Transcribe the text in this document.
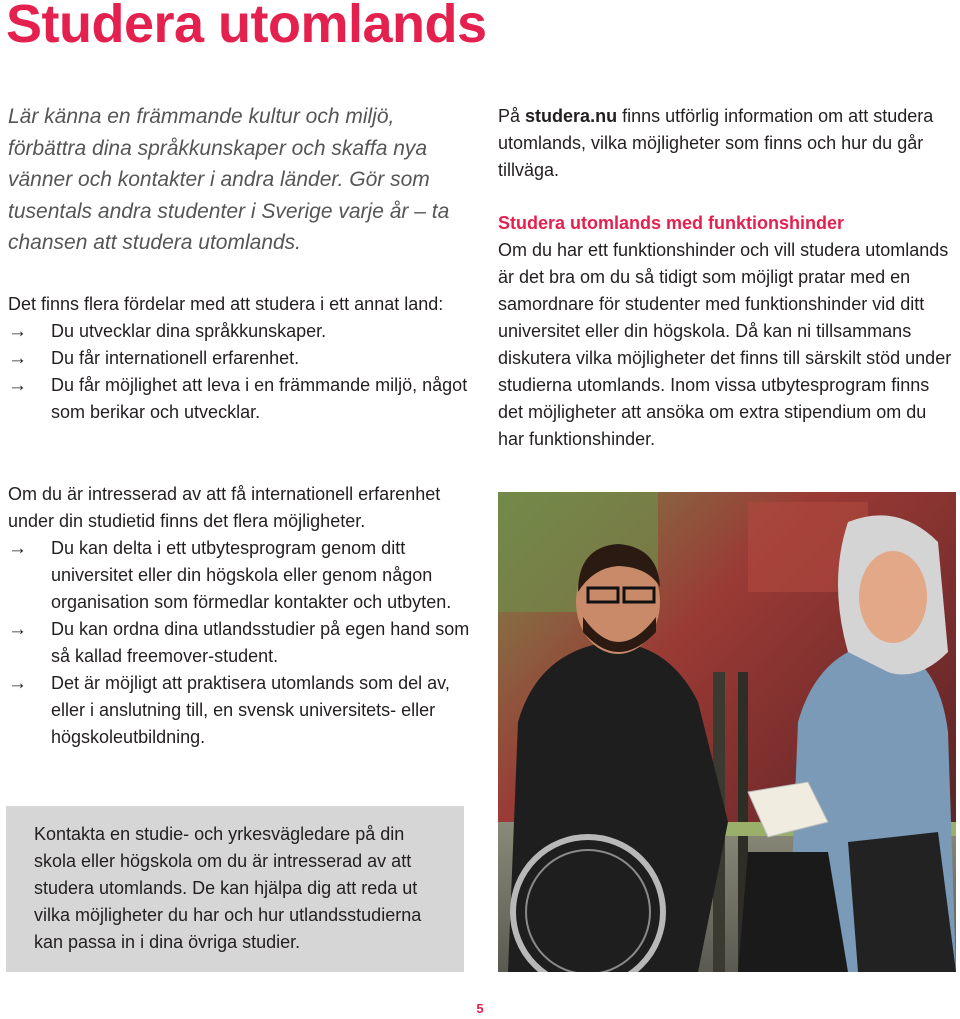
Studera utomlands

Lär känna en främmande kultur och miljö, förbättra dina språkkunskaper och skaffa nya vänner och kontakter i andra länder. Gör som tusentals andra studenter i Sverige varje år – ta chansen att studera utomlands.

Det finns flera fördelar med att studera i ett annat land:

→ Du utvecklar dina språkkunskaper.
→ Du får internationell erfarenhet.
→ Du får möjlighet att leva i en främmande miljö, något som berikar och utvecklar.

Om du är intresserad av att få internationell erfarenhet under din studietid finns det flera möjligheter.

→ Du kan delta i ett utbytesprogram genom ditt universitet eller din högskola eller genom någon organisation som förmedlar kontakter och utbyten.
→ Du kan ordna dina utlandsstudier på egen hand som så kallad freemover-student.
→ Det är möjligt att praktisera utomlands som del av, eller i anslutning till, en svensk universitets- eller högskoleutbildning.

På studera.nu finns utförlig information om att studera utomlands, vilka möjligheter som finns och hur du går tillväga.

Studera utomlands med funktionshinder

Om du har ett funktionshinder och vill studera utomlands är det bra om du så tidigt som möjligt pratar med en samordnare för studenter med funktionshinder vid ditt universitet eller din högskola. Då kan ni tillsammans diskutera vilka möjligheter det finns till särskilt stöd under studierna utomlands. Inom vissa utbytesprogram finns det möjligheter att ansöka om extra stipendium om du har funktionshinder.

Kontakta en studie- och yrkesvägledare på din skola eller högskola om du är intresserad av att studera utomlands. De kan hjälpa dig att reda ut vilka möjligheter du har och hur utlandsstudierna kan passa in i dina övriga studier.

5
